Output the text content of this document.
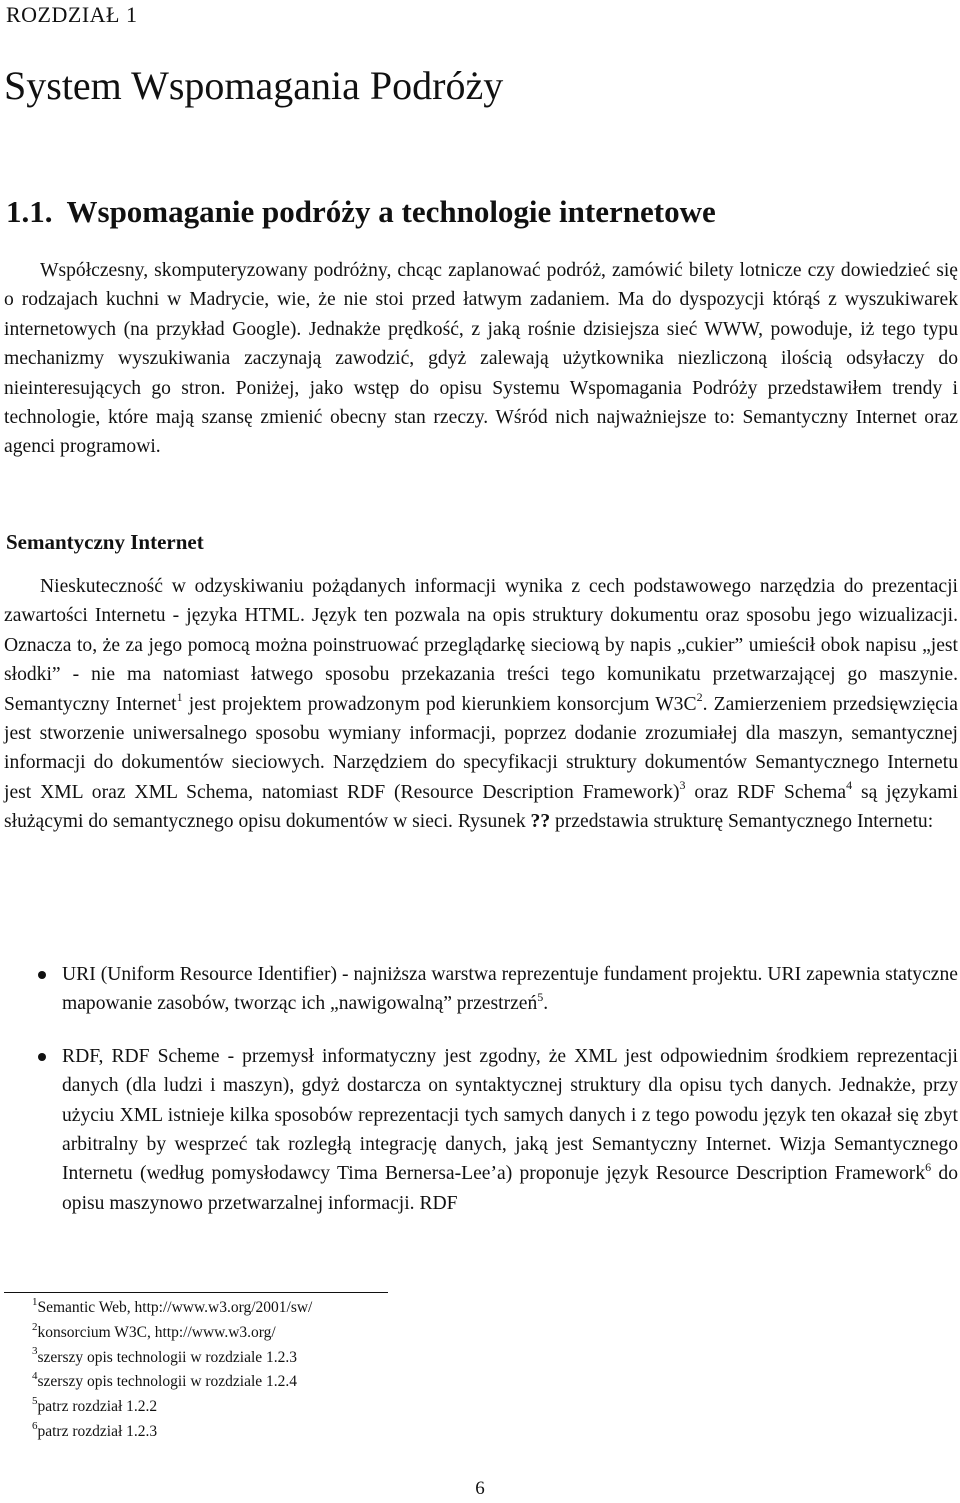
ROZDZIAŁ 1
System Wspomagania Podróży
1.1. Wspomaganie podróży a technologie internetowe

Współczesny, skomputeryzowany podróżny, chcąc zaplanować podróż, zamówić bilety lotnicze czy dowiedzieć się o rodzajach kuchni w Madrycie, wie, że nie stoi przed łatwym zadaniem. Ma do dyspozycji którąś z wyszukiwarek internetowych (na przykład Google). Jednakże prędkość, z jaką rośnie dzisiejsza sieć WWW, powoduje, iż tego typu mechanizmy wyszukiwania zaczynają zawodzić, gdyż zalewają użytkownika niezliczoną ilością odsyłaczy do nieinteresujących go stron. Poniżej, jako wstęp do opisu Systemu Wspomagania Podróży przedstawiłem trendy i technologie, które mają szansę zmienić obecny stan rzeczy. Wśród nich najważniejsze to: Semantyczny Internet oraz agenci programowi.

Semantyczny Internet

Nieskuteczność w odzyskiwaniu pożądanych informacji wynika z cech podstawowego narzędzia do prezentacji zawartości Internetu - języka HTML. Język ten pozwala na opis struktury dokumentu oraz sposobu jego wizualizacji. Oznacza to, że za jego pomocą można poinstruować przeglądarkę sieciową by napis „cukier” umieścił obok napisu „jest słodki” - nie ma natomiast łatwego sposobu przekazania treści tego komunikatu przetwarzającej go maszynie. Semantyczny Internet$^1$ jest projektem prowadzonym pod kierunkiem konsorcjum $W3C^2$. Zamierzeniem przedsięwzięcia jest stworzenie uniwersalnego sposobu wymiany informacji, poprzez dodanie zrozumiałej dla maszyn, semantycznej informacji do dokumentów sieciowych. Narzędziem do specyfikacji struktury dokumentów Semantycznego Internetu jest XML oraz XML Schema, natomiast RDF (Resource Description Framework)$^3$ oraz RDF Schema$^4$ są językami służącymi do semantycznego opisu dokumentów w sieci. Rysunek ?? przedstawia strukturę Semantycznego Internetu:

URI (Uniform Resource Identifier) - najniższa warstwa reprezentuje fundament projektu. URI zapewnia statyczne mapowanie zasobów, tworząc ich „nawigowalną” przestrzeń$^5$.
RDF, RDF Scheme - przemysł informatyczny jest zgodny, że XML jest odpowiednim środkiem reprezentacji danych (dla ludzi i maszyn), gdyż dostarcza on syntaktycznej struktury dla opisu tych danych. Jednakże, przy użyciu XML istnieje kilka sposobów reprezentacji tych samych danych i z tego powodu język ten okazał się zbyt arbitralny by wesprzeć tak rozległą integrację danych, jaką jest Semantyczny Internet. Wizja Semantycznego Internetu (według pomysłodawcy Tima Bernersa-Lee’a) proponuje język Resource Description Framework$^6$ do opisu maszynowo przetwarzalnej informacji. RDF
$^1$Semantic Web, http://www.w3.org/2001/sw/
$^2$konsorcium W3C, http://www.w3.org/
$^3$szerszy opis technologii w rozdziale 1.2.3
$^4$szerszy opis technologii w rozdziale 1.2.4
$^5$patrz rozdział 1.2.2
$^6$patrz rozdział 1.2.3
6
